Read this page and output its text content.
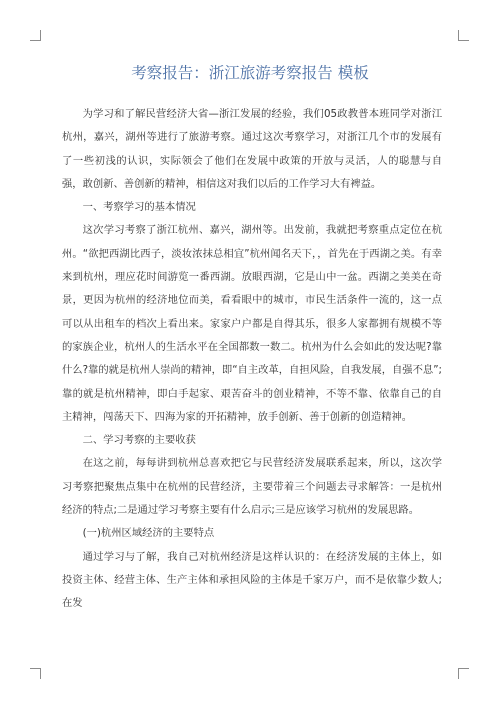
考察报告：浙江旅游考察报告 模板

为学习和了解民营经济大省—浙江发展的经验，我们05政教普本班同学对浙江杭州，嘉兴，湖州等进行了旅游考察。通过这次考察学习，对浙江几个市的发展有了一些初浅的认识，实际领会了他们在发展中政策的开放与灵活，人的聪慧与自强，敢创新、善创新的精神，相信这对我们以后的工作学习大有裨益。

一、考察学习的基本情况

这次学习考察了浙江杭州、嘉兴，湖州等。出发前，我就把考察重点定位在杭州。“欲把西湖比西子，淡妆浓抹总相宜”杭州闻名天下，，首先在于西湖之美。有幸来到杭州，理应花时间游览一番西湖。放眼西湖，它是山中一盆。西湖之美美在奇景，更因为杭州的经济地位而美，看看眼中的城市，市民生活条件一流的，这一点可以从出租车的档次上看出来。家家户户都是自得其乐，很多人家都拥有规模不等的家族企业，杭州人的生活水平在全国都数一数二。杭州为什么会如此的发达呢?靠什么?靠的就是杭州人崇尚的精神，即“自主改革，自担风险，自我发展，自强不息”;靠的就是杭州精神，即白手起家、艰苦奋斗的创业精神，不等不靠、依靠自己的自主精神，闯荡天下、四海为家的开拓精神，放手创新、善于创新的创造精神。

二、学习考察的主要收获

在这之前，每每讲到杭州总喜欢把它与民营经济发展联系起来，所以，这次学习考察把聚焦点集中在杭州的民营经济，主要带着三个问题去寻求解答：一是杭州经济的特点;二是通过学习考察主要有什么启示;三是应该学习杭州的发展思路。

(一)杭州区域经济的主要特点

通过学习与了解，我自己对杭州经济是这样认识的：在经济发展的主体上，如投资主体、经营主体、生产主体和承担风险的主体是千家万户，而不是依靠少数人;在发
